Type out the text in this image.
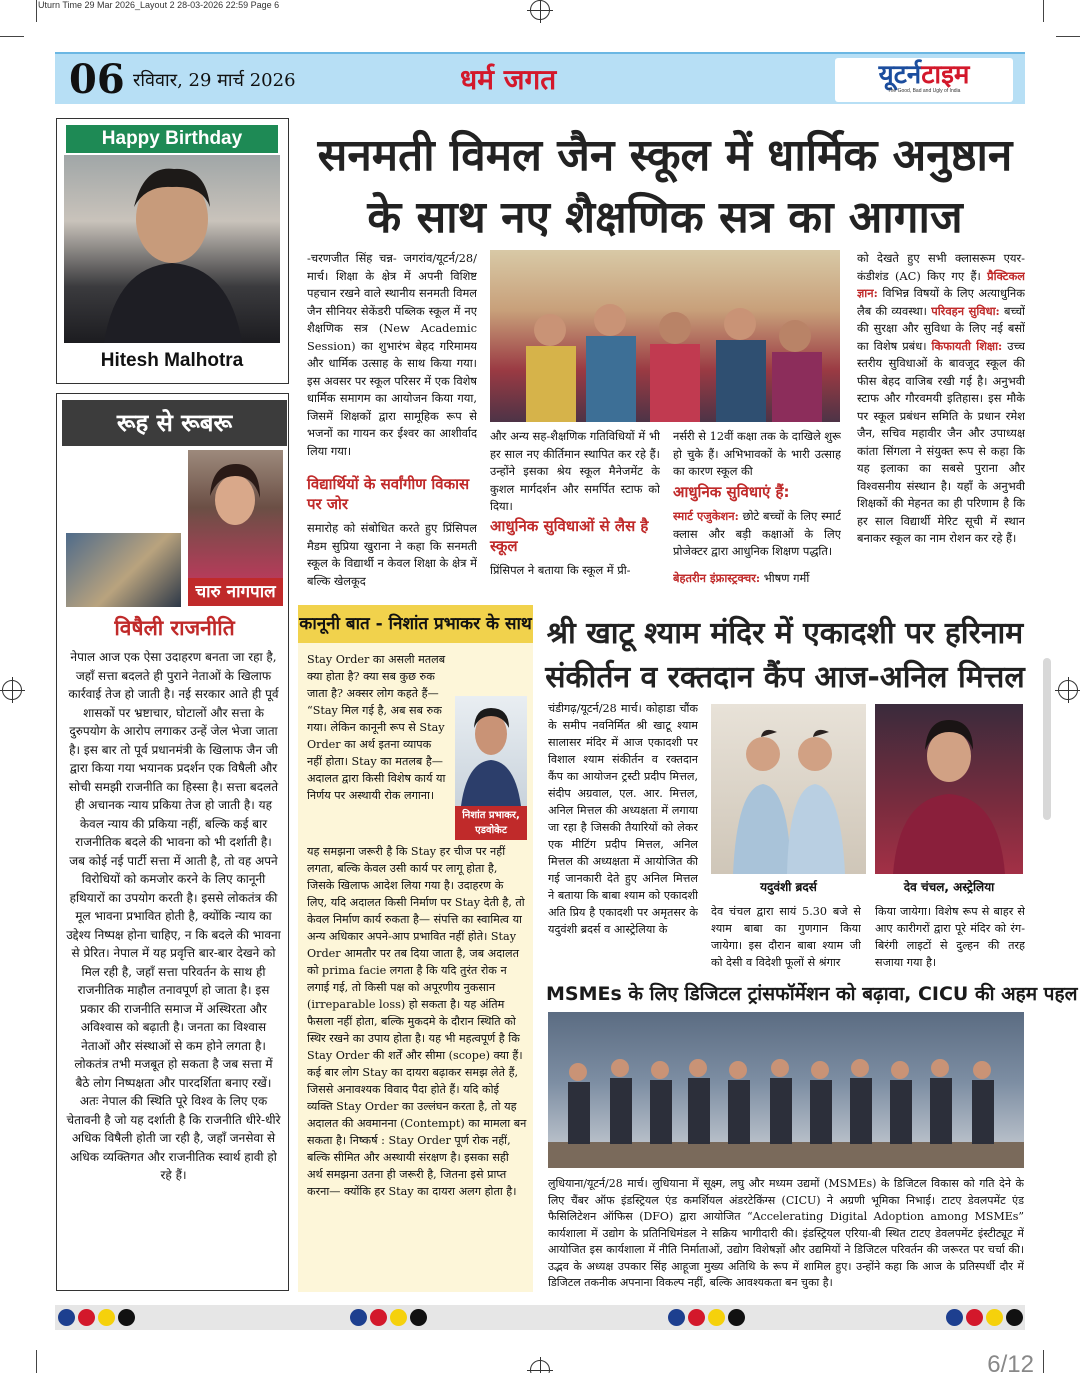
Uturn Time 29 Mar 2026_Layout 2 28-03-2026 22:59 Page 6
06 रविवार, 29 मार्च 2026	धर्म जगत	यूटर्नटाइम
The Good, Bad and Ugly of India
Happy Birthday
Hitesh Malhotra
रूह से रूबरू
चारु नागपाल
विषैली राजनीति
नेपाल आज एक ऐसा उदाहरण बनता जा रहा है, जहाँ सत्ता बदलते ही पुराने नेताओं के खिलाफ कार्रवाई तेज हो जाती है। नई सरकार आते ही पूर्व शासकों पर भ्रष्टाचार, घोटालों और सत्ता के दुरुपयोग के आरोप लगाकर उन्हें जेल भेजा जाता है। इस बार तो पूर्व प्रधानमंत्री के खिलाफ जैन जी द्वारा किया गया भयानक प्रदर्शन एक विषैली और सोची समझी राजनीति का हिस्सा है। सत्ता बदलते ही अचानक न्याय प्रकिया तेज हो जाती है। यह केवल न्याय की प्रकिया नहीं, बल्कि कई बार राजनीतिक बदले की भावना को भी दर्शाती है। जब कोई नई पार्टी सत्ता में आती है, तो वह अपने विरोधियों को कमजोर करने के लिए कानूनी हथियारों का उपयोग करती है। इससे लोकतंत्र की मूल भावना प्रभावित होती है, क्योंकि न्याय का उद्देश्य निष्पक्ष होना चाहिए, न कि बदले की भावना से प्रेरित। नेपाल में यह प्रवृत्ति बार-बार देखने को मिल रही है, जहाँ सत्ता परिवर्तन के साथ ही राजनीतिक माहौल तनावपूर्ण हो जाता है। इस प्रकार की राजनीति समाज में अस्थिरता और अविश्वास को बढ़ाती है। जनता का विश्वास नेताओं और संस्थाओं से कम होने लगता है। लोकतंत्र तभी मजबूत हो सकता है जब सत्ता में बैठे लोग निष्पक्षता और पारदर्शिता बनाए रखें। अतः नेपाल की स्थिति पूरे विश्व के लिए एक चेतावनी है जो यह दर्शाती है कि राजनीति धीरे-धीरे अधिक विषैली होती जा रही है, जहाँ जनसेवा से अधिक व्यक्तिगत और राजनीतिक स्वार्थ हावी हो रहे हैं।
सनमती विमल जैन स्कूल में धार्मिक अनुष्ठान के साथ नए शैक्षणिक सत्र का आगाज
-चरणजीत सिंह चन्न- जगरांव/यूटर्न/28/मार्च। शिक्षा के क्षेत्र में अपनी विशिष्ट पहचान रखने वाले स्थानीय सनमती विमल जैन सीनियर सेकेंडरी पब्लिक स्कूल में नए शैक्षणिक सत्र (New Academic Session) का शुभारंभ बेहद गरिमामय और धार्मिक उत्साह के साथ किया गया। इस अवसर पर स्कूल परिसर में एक विशेष धार्मिक समागम का आयोजन किया गया, जिसमें शिक्षकों द्वारा सामूहिक रूप से भजनों का गायन कर ईश्वर का आशीर्वाद लिया गया।
विद्यार्थियों के सर्वांगीण विकास पर जोर
समारोह को संबोधित करते हुए प्रिंसिपल मैडम सुप्रिया खुराना ने कहा कि सनमती स्कूल के विद्यार्थी न केवल शिक्षा के क्षेत्र में बल्कि खेलकूद
और अन्य सह-शैक्षणिक गतिविधियों में भी हर साल नए कीर्तिमान स्थापित कर रहे हैं। उन्होंने इसका श्रेय स्कूल मैनेजमेंट के कुशल मार्गदर्शन और समर्पित स्टाफ को दिया।
आधुनिक सुविधाओं से लैस है स्कूल
प्रिंसिपल ने बताया कि स्कूल में प्री-
नर्सरी से 12वीं कक्षा तक के दाखिले शुरू हो चुके हैं। अभिभावकों के भारी उत्साह का कारण स्कूल की
आधुनिक सुविधाएं हैं:
स्मार्ट एजुकेशन: छोटे बच्चों के लिए स्मार्ट क्लास और बड़ी कक्षाओं के लिए प्रोजेक्टर द्वारा आधुनिक शिक्षण पद्धति।
बेहतरीन इंफ्रास्ट्रक्चर: भीषण गर्मी
को देखते हुए सभी क्लासरूम एयर-कंडीशंड (AC) किए गए हैं। प्रैक्टिकल ज्ञान: विभिन्न विषयों के लिए अत्याधुनिक लैब की व्यवस्था। परिवहन सुविधा: बच्चों की सुरक्षा और सुविधा के लिए नई बसों का विशेष प्रबंध। किफायती शिक्षा: उच्च स्तरीय सुविधाओं के बावजूद स्कूल की फीस बेहद वाजिब रखी गई है। अनुभवी स्टाफ और गौरवमयी इतिहास। इस मौके पर स्कूल प्रबंधन समिति के प्रधान रमेश जैन, सचिव महावीर जैन और उपाध्यक्ष कांता सिंगला ने संयुक्त रूप से कहा कि यह इलाका का सबसे पुराना और विश्वसनीय संस्थान है। यहाँ के अनुभवी शिक्षकों की मेहनत का ही परिणाम है कि हर साल विद्यार्थी मेरिट सूची में स्थान बनाकर स्कूल का नाम रोशन कर रहे हैं।
कानूनी बात - निशांत प्रभाकर के साथ
Stay Order का असली मतलब क्या होता है? क्या सब कुछ रुक जाता है? अक्सर लोग कहते हैं— “Stay मिल गई है, अब सब रुक गया। लेकिन कानूनी रूप से Stay Order का अर्थ इतना व्यापक नहीं होता। Stay का मतलब है— अदालत द्वारा किसी विशेष कार्य या निर्णय पर अस्थायी रोक लगाना।
निशांत प्रभाकर,
एडवोकेट
यह समझना जरूरी है कि Stay हर चीज पर नहीं लगता, बल्कि केवल उसी कार्य पर लागू होता है, जिसके खिलाफ आदेश लिया गया है। उदाहरण के लिए, यदि अदालत किसी निर्माण पर Stay देती है, तो केवल निर्माण कार्य रुकता है— संपत्ति का स्वामित्व या अन्य अधिकार अपने-आप प्रभावित नहीं होते। Stay Order आमतौर पर तब दिया जाता है, जब अदालत को prima facie लगता है कि यदि तुरंत रोक न लगाई गई, तो किसी पक्ष को अपूरणीय नुकसान (irreparable loss) हो सकता है। यह अंतिम फैसला नहीं होता, बल्कि मुकदमे के दौरान स्थिति को स्थिर रखने का उपाय होता है। यह भी महत्वपूर्ण है कि Stay Order की शर्तें और सीमा (scope) क्या हैं। कई बार लोग Stay का दायरा बढ़ाकर समझ लेते हैं, जिससे अनावश्यक विवाद पैदा होते हैं। यदि कोई व्यक्ति Stay Order का उल्लंघन करता है, तो यह अदालत की अवमानना (Contempt) का मामला बन सकता है। निष्कर्ष : Stay Order पूर्ण रोक नहीं, बल्कि सीमित और अस्थायी संरक्षण है। इसका सही अर्थ समझना उतना ही जरूरी है, जितना इसे प्राप्त करना— क्योंकि हर Stay का दायरा अलग होता है।
श्री खाटू श्याम मंदिर में एकादशी पर हरिनाम संकीर्तन व रक्तदान कैंप आज-अनिल मित्तल
चंडीगढ़/यूटर्न/28 मार्च। कोहाडा चौंक के समीप नवनिर्मित श्री खाटू श्याम सालासर मंदिर में आज एकादशी पर विशाल श्याम संकीर्तन व रक्तदान कैंप का आयोजन ट्रस्टी प्रदीप मित्तल, संदीप अग्रवाल, एल. आर. मित्तल, अनिल मित्तल की अध्यक्षता में लगाया जा रहा है जिसकी तैयारियों को लेकर एक मीटिंग प्रदीप मित्तल, अनिल मित्तल की अध्यक्षता में आयोजित की गई जानकारी देते हुए अनिल मित्तल ने बताया कि बाबा श्याम को एकादशी अति प्रिय है एकादशी पर अमृतसर के यदुवंशी ब्रदर्स व आस्ट्रेलिया के
यदुवंशी ब्रदर्स	देव चंचल, अस्ट्रेलिया
देव चंचल द्वारा सायं 5.30 बजे से श्याम बाबा का गुणगान किया जायेगा। इस दौरान बाबा श्याम जी को देसी व विदेशी फूलों से श्रंगार
किया जायेगा। विशेष रूप से बाहर से आए कारीगरों द्वारा पूरे मंदिर को रंग-बिरंगी लाइटों से दुल्हन की तरह सजाया गया है।
MSMEs के लिए डिजिटल ट्रांसफॉर्मेशन को बढ़ावा, CICU की अहम पहल
लुधियाना/यूटर्न/28 मार्च। लुधियाना में सूक्ष्म, लघु और मध्यम उद्यमों (MSMEs) के डिजिटल विकास को गति देने के लिए चैंबर ऑफ इंडस्ट्रियल एंड कमर्शियल अंडरटेकिंग्स (CICU) ने अग्रणी भूमिका निभाई। टाटए डेवलपमेंट एंड फैसिलिटेशन ऑफिस (DFO) द्वारा आयोजित “Accelerating Digital Adoption among MSMEs” कार्यशाला में उद्योग के प्रतिनिधिमंडल ने सक्रिय भागीदारी की। इंडस्ट्रियल एरिया-बी स्थित टाटए डेवलपमेंट इंस्टीट्यूट में आयोजित इस कार्यशाला में नीति निर्माताओं, उद्योग विशेषज्ञों और उद्यमियों ने डिजिटल परिवर्तन की जरूरत पर चर्चा की। उद्भव के अध्यक्ष उपकार सिंह आहूजा मुख्य अतिथि के रूप में शामिल हुए। उन्होंने कहा कि आज के प्रतिस्पर्धी दौर में डिजिटल तकनीक अपनाना विकल्प नहीं, बल्कि आवश्यकता बन चुका है।
6/12
